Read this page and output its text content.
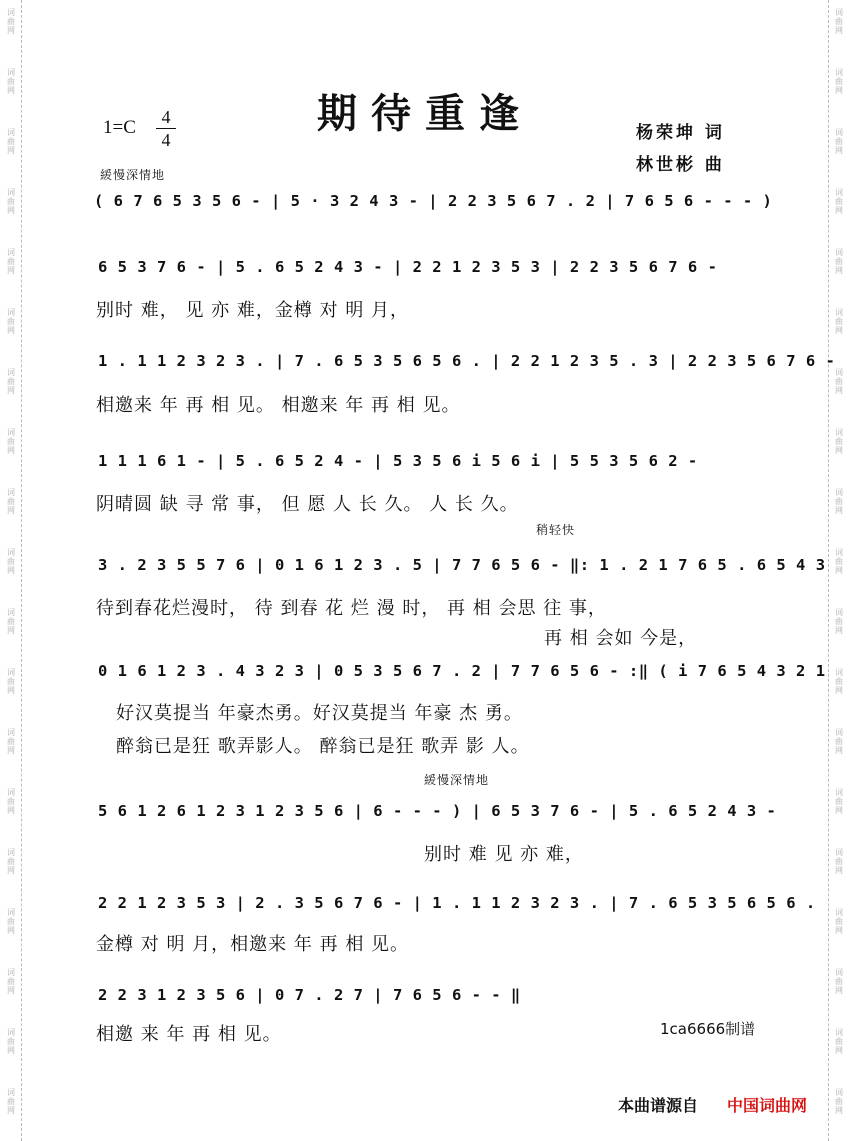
词
曲
网
词
曲
网
词
曲
网
词
曲
网
词
曲
网
词
曲
网
词
曲
网
词
曲
网
词
曲
网
词
曲
网
词
曲
网
词
曲
网
词
曲
网
词
曲
网
词
曲
网
词
曲
网
词
曲
网
词
曲
网
词
曲
网
词
曲
网
词
曲
网
词
曲
网
词
曲
网
词
曲
网
词
曲
网
词
曲
网
词
曲
网
词
曲
网
词
曲
网
词
曲
网
词
曲
网
词
曲
网
词
曲
网
词
曲
网
词
曲
网
词
曲
网
词
曲
网
词
曲
网
期待重逢
1=C	4
4	杨荣坤 词
林世彬 曲
緩慢深情地
稍轻快
緩慢深情地
( 6 7 6 5 3 5 6 - | 5 · 3 2 4 3 - | 2 2 3 5 6 7 . 2 | 7 6 5 6 - - - )
6 5 3 7 6 - | 5 . 6 5 2 4 3 - | 2 2 1 2 3 5 3 | 2 2 3 5 6 7 6 -
别时 难， 见 亦 难，金樽 对 明 月，
1 . 1 1 2 3 2 3 . | 7 . 6 5 3 5 6 5 6 . | 2 2 1 2 3 5 . 3 | 2 2 3 5 6 7 6 -
相邀来 年 再 相 见。 相邀来 年 再 相 见。
1 1 1 6 1 - | 5 . 6 5 2 4 - | 5 3 5 6 i 5 6 i | 5 5 3 5 6 2 -
阴晴圆 缺 寻 常 事， 但 愿 人 长 久。 人 长 久。
3 . 2 3 5 5 7 6 | 0 1 6 1 2 3 . 5 | 7 7 6 5 6 - ‖: 1 . 2 1 7 6 5 . 6 5 4 3
待到春花烂漫时， 待 到春 花 烂 漫 时， 再 相 会思 往 事，
再 相 会如 今是，
0 1 6 1 2 3 . 4 3 2 3 | 0 5 3 5 6 7 . 2 | 7 7 6 5 6 - :‖ ( i 7 6 5 4 3 2 1
好汉莫提当 年豪杰勇。好汉莫提当 年豪 杰 勇。
醉翁已是狂 歌弄影人。 醉翁已是狂 歌弄 影 人。
5 6 1 2 6 1 2 3 1 2 3 5 6 | 6 - - - ) | 6 5 3 7 6 - | 5 . 6 5 2 4 3 -
别时 难 见 亦 难，
2 2 1 2 3 5 3 | 2 . 3 5 6 7 6 - | 1 . 1 1 2 3 2 3 . | 7 . 6 5 3 5 6 5 6 .
金樽 对 明 月，相邀来 年 再 相 见。
2 2 3 1 2 3 5 6 | 0 7 . 2 7 | 7 6 5 6 - - ‖
相邀 来 年 再 相 见。	1ca6666制谱
本曲谱源自 中国词曲网
